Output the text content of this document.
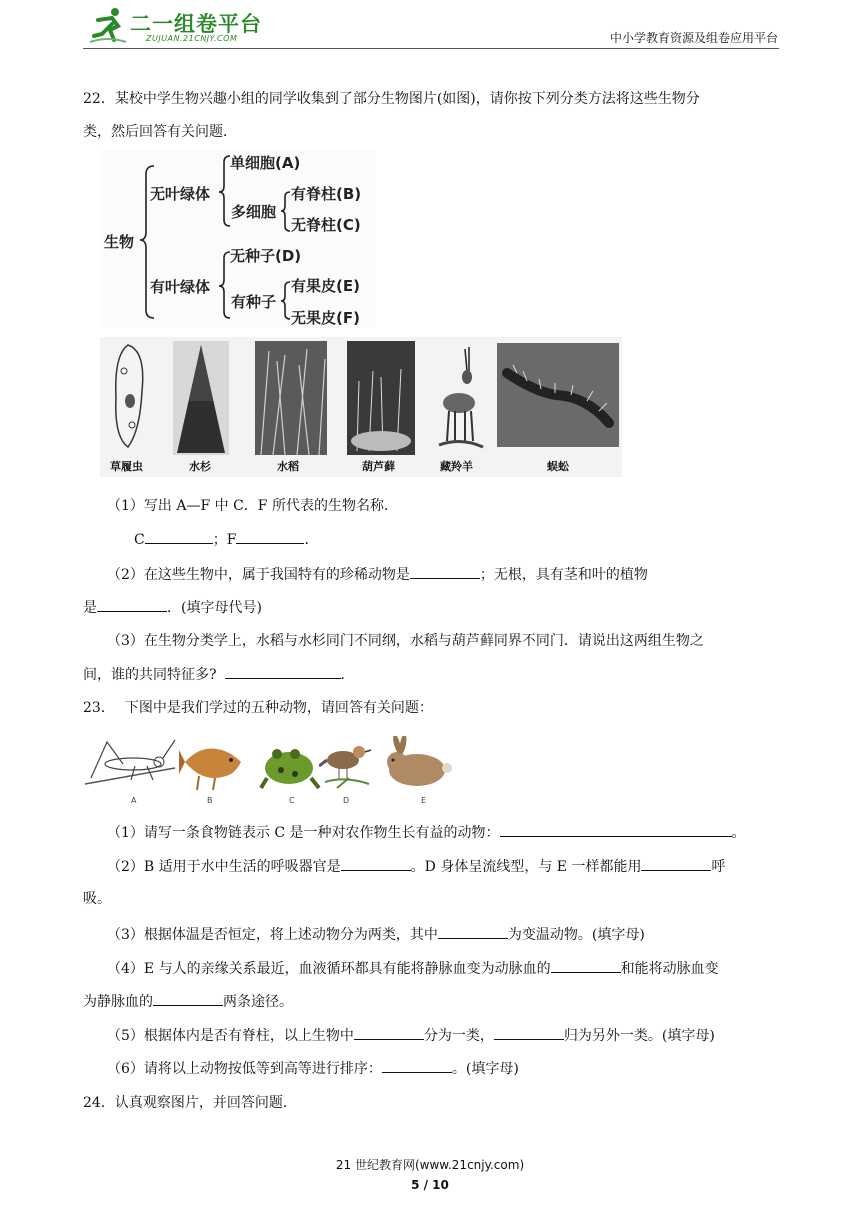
二一组卷平台
ZUJUAN.21CNJY.COM	中小学教育资源及组卷应用平台
22．某校中学生物兴趣小组的同学收集到了部分生物图片(如图)，请你按下列分类方法将这些生物分
类，然后回答有关问题．
生物
无叶绿体
单细胞(A)
多细胞
有脊柱(B)
无脊柱(C)
有叶绿体
无种子(D)
有种子
有果皮(E)
无果皮(F)
草履虫	水杉	水稻	葫芦藓	藏羚羊	蜈蚣
（1）写出 A—F 中 C．F 所代表的生物名称．
C	；F	．
（2）在这些生物中，属于我国特有的珍稀动物是	；无根，具有茎和叶的植物
是	．(填字母代号)
（3）在生物分类学上，水稻与水杉同门不同纲，水稻与葫芦藓同界不同门．请说出这两组生物之
间，谁的共同特征多?	.
23． 下图中是我们学过的五种动物，请回答有关问题：
A	B	C	D	E
（1）请写一条食物链表示 C 是一种对农作物生长有益的动物：	。
（2）B 适用于水中生活的呼吸器官是	。D 身体呈流线型，与 E 一样都能用	呼
吸。
（3）根据体温是否恒定，将上述动物分为两类，其中	为变温动物。(填字母)
（4）E 与人的亲缘关系最近，血液循环都具有能将静脉血变为动脉血的	和能将动脉血变
为静脉血的	两条途径。
（5）根据体内是否有脊柱，以上生物中	分为一类，	归为另外一类。(填字母)
（6）请将以上动物按低等到高等进行排序：	。(填字母)
24．认真观察图片，并回答问题．
21 世纪教育网(www.21cnjy.com)
5 / 10
